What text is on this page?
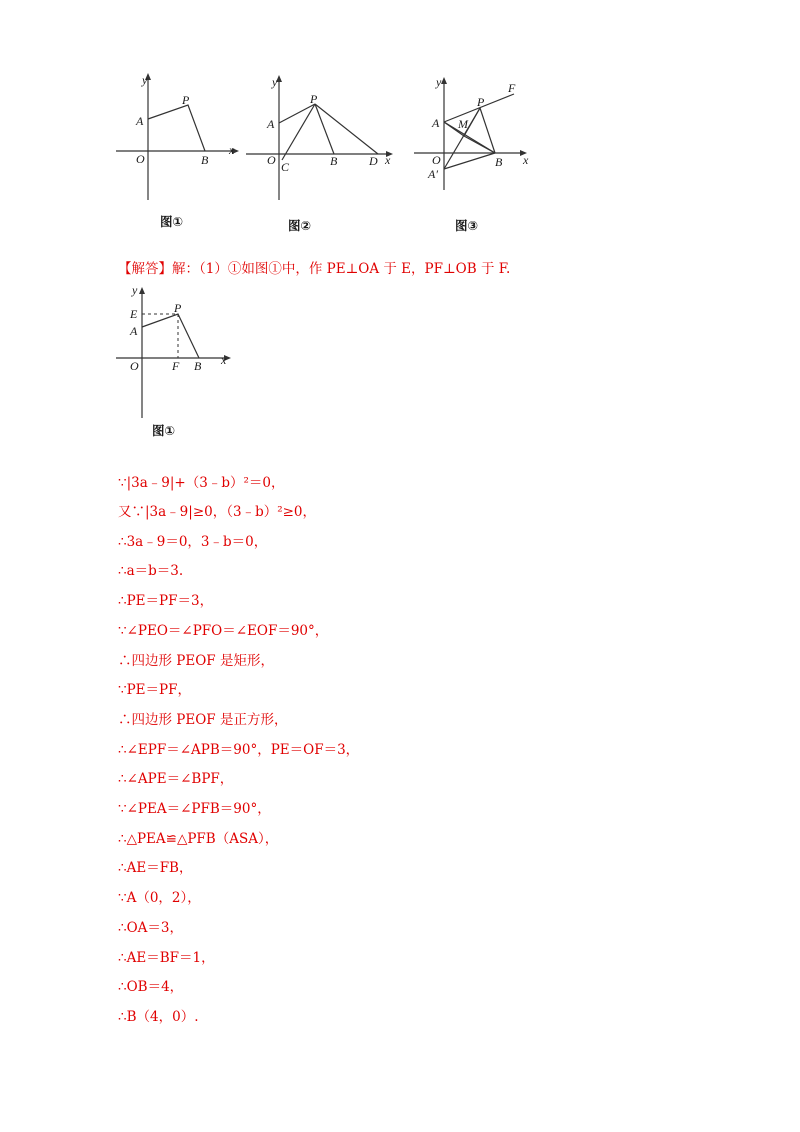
y
x
O
A
P
B
图①
y
x
O
A
P
B
C	D
图②
y
x
O
A
P
B
M
F
A′
图③
【解答】解：（1）①如图①中，作 PE⊥OA 于 E，PF⊥OB 于 F.
y
x
O
E
A
P
F B
图①
∵|3a﹣9|+（3﹣b）²＝0，
又∵|3a﹣9|≥0，（3﹣b）²≥0，
∴3a﹣9＝0，3﹣b＝0，
∴a＝b＝3.
∴PE＝PF＝3，
∵∠PEO＝∠PFO＝∠EOF＝90°，
∴四边形 PEOF 是矩形，
∵PE＝PF，
∴四边形 PEOF 是正方形，
∴∠EPF＝∠APB＝90°，PE＝OF＝3，
∴∠APE＝∠BPF，
∵∠PEA＝∠PFB＝90°，
∴△PEA≌△PFB（ASA），
∴AE＝FB，
∵A（0，2），
∴OA＝3，
∴AE＝BF＝1，
∴OB＝4，
∴B（4，0）.
